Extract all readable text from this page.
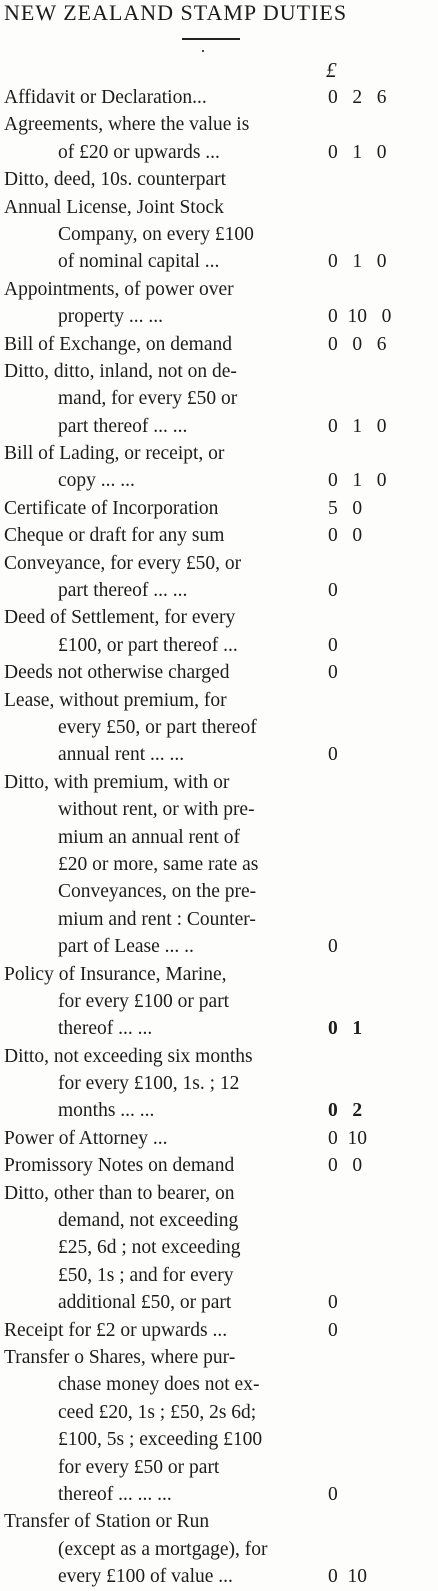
NEW ZEALAND STAMP DUTIES
£
Affidavit or Declaration...	0   2   6
Agreements, where the value is
of £20 or upwards ...	0   1   0
Ditto, deed, 10s. counterpart
Annual License, Joint Stock
Company, on every £100
of nominal capital ...	0   1   0
Appointments, of power over
property ... ...	0  10   0
Bill of Exchange, on demand	0   0   6
Ditto, ditto, inland, not on de-
mand, for every £50 or
part thereof ... ...	0   1   0
Bill of Lading, or receipt, or
copy ... ...	0   1   0
Certificate of Incorporation	5   0
Cheque or draft for any sum	0   0
Conveyance, for every £50, or
part thereof ... ...	0
Deed of Settlement, for every
£100, or part thereof ...	0
Deeds not otherwise charged	0
Lease, without premium, for
every £50, or part thereof
annual rent ... ...	0
Ditto, with premium, with or
without rent, or with pre-
mium an annual rent of
£20 or more, same rate as
Conveyances, on the pre-
mium and rent : Counter-
part of Lease ... ..	0
Policy of Insurance, Marine,
for every £100 or part
thereof ... ...	0   1
Ditto, not exceeding six months
for every £100, 1s. ; 12
months ... ...	0   2
Power of Attorney ...	0  10
Promissory Notes on demand	0   0
Ditto, other than to bearer, on
demand, not exceeding
£25, 6d ; not exceeding
£50, 1s ; and for every
additional £50, or part	0
Receipt for £2 or upwards ...	0
Transfer o Shares, where pur-
chase money does not ex-
ceed £20, 1s ; £50, 2s 6d;
£100, 5s ; exceeding £100
for every £50 or part
thereof ... ... ...	0
Transfer of Station or Run
(except as a mortgage), for
every £100 of value ...	0  10
